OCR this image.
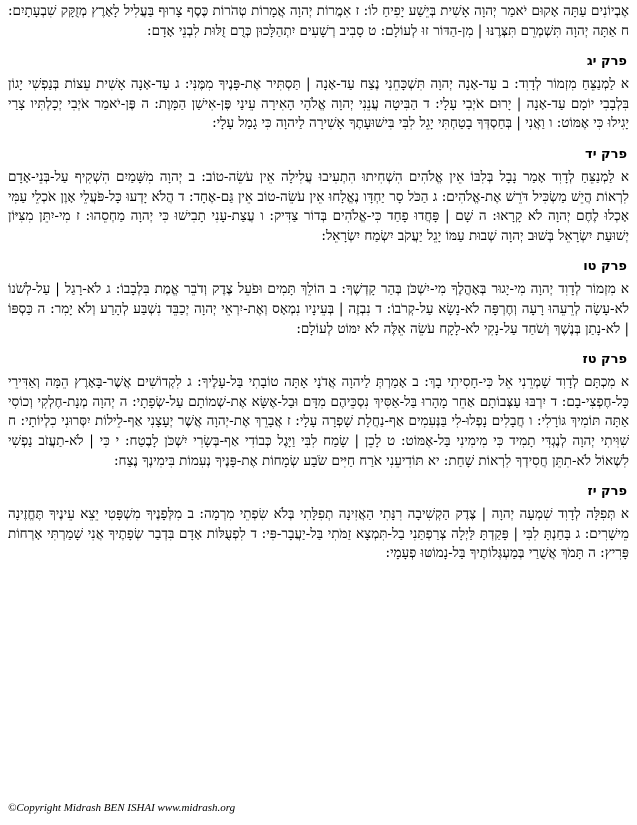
אֶבְיוֹנִים עַתָּה אָקוּם יֹאמַר יְהוָה אָשִׁית בְּיֵשַׁע יָפִיחַ לוֹ: ז אִמֲרוֹת יְהוָה אֲמָרוֹת טְהֹרוֹת כֶּסֶף צָרוּף בַּעֲלִיל לָאָרֶץ מְזֻקָּק שִׁבְעָתָיִם: ח אַתָּה יְהוָה תִּשְׁמְרֵם תִּצְּרֶנּוּ | מִן-הַדּוֹר זוּ לְעוֹלָם: ט סָבִיב רְשָׁעִים יִתְהַלָּכוּן כְּרֻם זֻלּוּת לִבְנֵי אָדָם:

פרק יג

א לַמְנַצֵּחַ מִזְמוֹר לְדָוִד: ב עַד-אָנָה יְהוָה תִּשְׁכָּחֵנִי נֶצַח עַד-אָנָה | תַּסְתִּיר אֶת-פָּנֶיךָ מִמֶּנִּי: ג עַד-אָנָה אָשִׁית עֵצוֹת בְּנַפְשִׁי יָגוֹן בִּלְבָבִי יוֹמָם עַד-אָנָה | יָרוּם אֹיְבִי עָלָי: ד הַבִּיטָה עֲנֵנִי יְהוָה אֱלֹהָי הָאִירָה עֵינַי פֶּן-אִישַׁן הַמָּוֶת: ה פֶּן-יֹאמַר אֹיְבִי יְכָלְתִּיו צָרַי יָגִילוּ כִּי אֶמּוֹט: ו וַאֲנִי | בְּחַסְדְּךָ בָטַחְתִּי יָגֵל לִבִּי בִּישׁוּעָתֶךָ אָשִׁירָה לַיהוָה כִּי גָמַל עָלָי:

פרק יד

א לַמְנַצֵּחַ לְדָוִד אָמַר נָבָל בְּלִבּוֹ אֵין אֱלֹהִים הִשְׁחִיתוּ הִתְעִיבוּ עֲלִילָה אֵין עֹשֵׂה-טוֹב: ב יְהוָה מִשָּׁמַיִם הִשְׁקִיף עַל-בְּנֵי-אָדָם לִרְאוֹת הֲיֵשׁ מַשְׂכִּיל דֹּרֵשׁ אֶת-אֱלֹהִים: ג הַכֹּל סָר יַחְדָּו נֶאֱלָחוּ אֵין עֹשֵׂה-טוֹב אֵין גַּם-אֶחָד: ד הֲלֹא יָדְעוּ כָּל-פֹּעֲלֵי אָוֶן אֹכְלֵי עַמִּי אָכְלוּ לֶחֶם יְהוָה לֹא קָרָאוּ: ה שָׁם | פָּחֲדוּ פָחַד כִּי-אֱלֹהִים בְּדוֹר צַדִּיק: ו עֲצַת-עָנִי תָבִישׁוּ כִּי יְהוָה מַחְסֵהוּ: ז מִי-יִתֵּן מִצִּיּוֹן יְשׁוּעַת יִשְׂרָאֵל בְּשׁוּב יְהוָה שְׁבוּת עַמּוֹ יָגֵל יַעֲקֹב יִשְׂמַח יִשְׂרָאֵל:

פרק טו

א מִזְמוֹר לְדָוִד יְהוָה מִי-יָגוּר בְּאָהֳלֶךָ מִי-יִשְׁכֹּן בְּהַר קָדְשֶׁךָ: ב הוֹלֵךְ תָּמִים וּפֹעֵל צֶדֶק וְדֹבֵר אֱמֶת בִּלְבָבוֹ: ג לֹא-רָגַל | עַל-לְשֹׁנוֹ לֹא-עָשָׂה לְרֵעֵהוּ רָעָה וְחֶרְפָּה לֹא-נָשָׂא עַל-קְרֹבוֹ: ד נִבְזֶה | בְּעֵינָיו נִמְאָס וְאֶת-יִרְאֵי יְהוָה יְכַבֵּד נִשְׁבַּע לְהָרַע וְלֹא יָמִר: ה כַּסְפּוֹ | לֹא-נָתַן בְּנֶשֶׁךְ וְשֹׁחַד עַל-נָקִי לֹא-לָקָח עֹשֵׂה אֵלֶּה לֹא יִמּוֹט לְעוֹלָם:

פרק טז

א מִכְתָּם לְדָוִד שָׁמְרֵנִי אֵל כִּי-חָסִיתִי בָךְ: ב אָמַרְתְּ לַיהוָה אֲדֹנָי אָתָּה טוֹבָתִי בַּל-עָלֶיךָ: ג לִקְדוֹשִׁים אֲשֶׁר-בָּאָרֶץ הֵמָּה וְאַדִּירֵי כָּל-חֶפְצִי-בָם: ד יִרְבּוּ עַצְּבוֹתָם אַחֵר מָהָרוּ בַּל-אַסִּיךְ נִסְכֵּיהֶם מִדָּם וּבַל-אֶשָּׂא אֶת-שְׁמוֹתָם עַל-שְׂפָתָי: ה יְהוָה מְנָת-חֶלְקִי וְכוֹסִי אַתָּה תּוֹמִיךְ גּוֹרָלִי: ו חֲבָלִים נָפְלוּ-לִי בַּנְּעִמִים אַף-נַחֲלָת שָׁפְרָה עָלָי: ז אֲבָרֵךְ אֶת-יְהוָה אֲשֶׁר יְעָצָנִי אַף-לֵילוֹת יִסְּרוּנִי כִלְיוֹתָי: ח שִׁוִּיתִי יְהוָה לְנֶגְדִּי תָמִיד כִּי מִימִינִי בַּל-אֶמּוֹט: ט לָכֵן | שָׂמַח לִבִּי וַיָּגֶל כְּבוֹדִי אַף-בְּשָׂרִי יִשְׁכֹּן לָבֶטַח: י כִּי | לֹא-תַעֲזֹב נַפְשִׁי לִשְׁאוֹל לֹא-תִתֵּן חֲסִידְךָ לִרְאוֹת שָׁחַת: יא תּוֹדִיעֵנִי אֹרַח חַיִּים שֹׂבַע שְׂמָחוֹת אֶת-פָּנֶיךָ נְעִמוֹת בִּימִינְךָ נֶצַח:

פרק יז

א תְּפִלָּה לְדָוִד שִׁמְעָה יְהוָה | צֶדֶק הַקְשִׁיבָה רִנָּתִי הַאֲזִינָה תְפִלָּתִי בְּלֹא שִׂפְתֵי מִרְמָה: ב מִלְּפָנֶיךָ מִשְׁפָּטִי יֵצֵא עֵינֶיךָ תֶּחֱזֶינָה מֵישָׁרִים: ג בָּחַנְתָּ לִבִּי | פָּקַדְתָּ לַּיְלָה צְרַפְתַּנִי בַל-תִּמְצָא זַמֹּתִי בַּל-יַעֲבָר-פִּי: ד לִפְעֻלּוֹת אָדָם בִּדְבַר שְׂפָתֶיךָ אֲנִי שָׁמַרְתִּי אָרְחוֹת פָּרִיץ: ה תָּמֹךְ אֲשֻׁרַי בְּמַעְגְּלוֹתֶיךָ בַּל-נָמוֹטּוּ פְעָמָי:

©Copyright Midrash BEN ISHAI www.midrash.org
